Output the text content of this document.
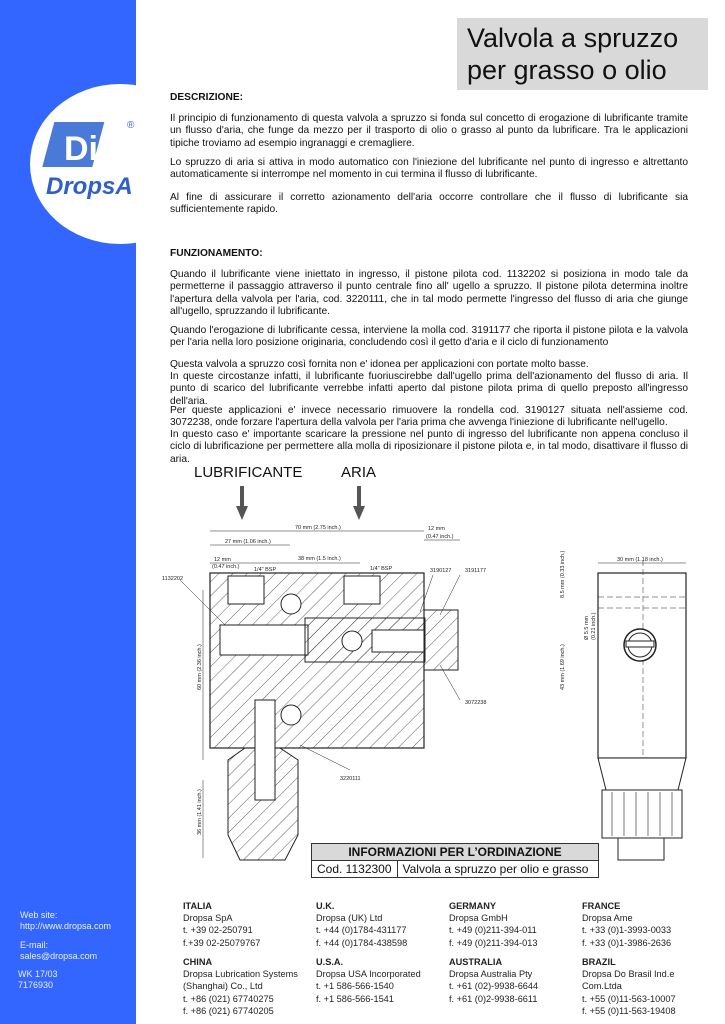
Di
®
DropsA
Valvola a spruzzo
per grasso o olio
DESCRIZIONE:
Il principio di funzionamento di questa valvola a spruzzo si fonda sul concetto di erogazione di lubrificante tramite un flusso d'aria, che funge da mezzo per il trasporto di olio o grasso al punto da lubrificare. Tra le applicazioni tipiche troviamo ad esempio ingranaggi e cremagliere.
Lo spruzzo di aria si attiva in modo automatico con l'iniezione del lubrificante nel punto di ingresso e altrettanto automaticamente si interrompe nel momento in cui termina il flusso di lubrificante.
Al fine di assicurare il corretto azionamento dell'aria occorre controllare che il flusso di lubrificante sia sufficientemente rapido.
FUNZIONAMENTO:
Quando il lubrificante viene iniettato in ingresso, il pistone pilota cod. 1132202 si posiziona in modo tale da permetterne il passaggio attraverso il punto centrale fino all' ugello a spruzzo. Il pistone pilota determina inoltre l'apertura della valvola per l'aria, cod. 3220111, che in tal modo permette l'ingresso del flusso di aria che giunge all'ugello, spruzzando il lubrificante.
Quando l'erogazione di lubrificante cessa, interviene la molla cod. 3191177 che riporta il pistone pilota e la valvola per l'aria nella loro posizione originaria, concludendo così il getto d'aria e il ciclo di funzionamento
Questa valvola a spruzzo così fornita non e' idonea per applicazioni con portate molto basse.
In queste circostanze infatti, il lubrificante fuoriuscirebbe dall'ugello prima dell'azionamento del flusso di aria. Il punto di scarico del lubrificante verrebbe infatti aperto dal pistone pilota prima di quello preposto all'ingresso dell'aria.
Per queste applicazioni e' invece necessario rimuovere la rondella cod. 3190127 situata nell'assieme cod. 3072238, onde forzare l'apertura della valvola per l'aria prima che avvenga l'iniezione di lubrificante nell'ugello.
In questo caso e' importante scaricare la pressione nel punto di ingresso del lubrificante non appena concluso il ciclo di lubrificazione per permettere alla molla di riposizionare il pistone pilota e, in tal modo, disattivare il flusso di aria.
LUBRIFICANTE	ARIA
70 mm (2.75 inch.)	12 mm
(0.47 inch.)
27 mm (1.06 inch.)
12 mm
(0.47 inch.)
38 mm (1.5 inch.)
1/4" BSP	1/4" BSP
1132202
3190127 3191177
3072238
3220111
60 mm (2.36 inch.)
36 mm (1.41 inch.)
30 mm (1.18 inch.)
8.5 mm (0.33 inch.)
43 mm (1.69 inch.)
Ø 5.5 mm (0.21 inch.)
INFORMAZIONI PER L’ORDINAZIONE
Cod. 1132300 Valvola a spruzzo per olio e grasso
Web site:
http://www.dropsa.com
E-mail:
sales@dropsa.com
WK 17/03
7176930
ITALIA
Dropsa SpA
t. +39 02-250791
f.+39 02-25079767
U.K.
Dropsa (UK) Ltd
t. +44 (0)1784-431177
f. +44 (0)1784-438598
GERMANY
Dropsa GmbH
t. +49 (0)211-394-011
f. +49 (0)211-394-013
FRANCE
Dropsa Ame
t. +33 (0)1-3993-0033
f. +33 (0)1-3986-2636
CHINA
Dropsa Lubrication Systems
(Shanghai) Co., Ltd
t. +86 (021) 67740275
f. +86 (021) 67740205
U.S.A.
Dropsa USA Incorporated
t. +1 586-566-1540
f. +1 586-566-1541
AUSTRALIA
Dropsa Australia Pty
t. +61 (02)-9938-6644
f. +61 (0)2-9938-6611
BRAZIL
Dropsa Do Brasil Ind.e
Com.Ltda
t. +55 (0)11-563-10007
f. +55 (0)11-563-19408
